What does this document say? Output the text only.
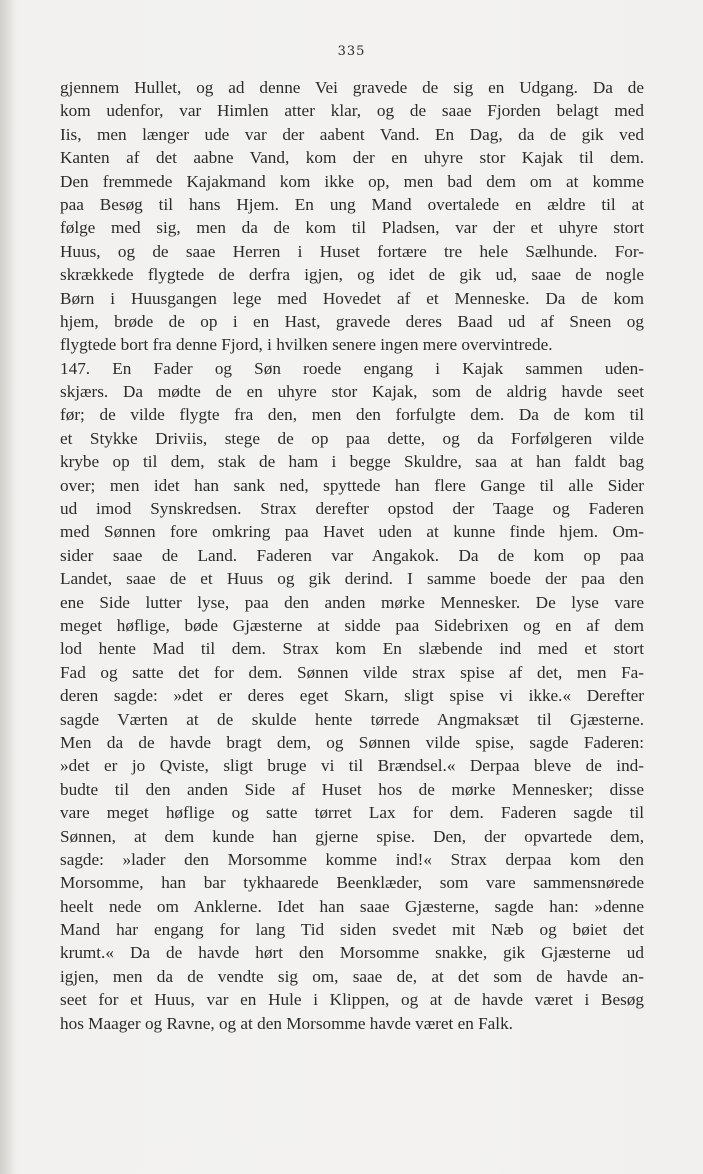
335
gjennem Hullet, og ad denne Vei gravede de sig en Udgang. Da de
kom udenfor, var Himlen atter klar, og de saae Fjorden belagt med
Iis, men længer ude var der aabent Vand. En Dag, da de gik ved
Kanten af det aabne Vand, kom der en uhyre stor Kajak til dem.
Den fremmede Kajakmand kom ikke op, men bad dem om at komme
paa Besøg til hans Hjem. En ung Mand overtalede en ældre til at
følge med sig, men da de kom til Pladsen, var der et uhyre stort
Huus, og de saae Herren i Huset fortære tre hele Sælhunde. For-
skrækkede flygtede de derfra igjen, og idet de gik ud, saae de nogle
Børn i Huusgangen lege med Hovedet af et Menneske. Da de kom
hjem, brøde de op i en Hast, gravede deres Baad ud af Sneen og
flygtede bort fra denne Fjord, i hvilken senere ingen mere overvintrede.
147. En Fader og Søn roede engang i Kajak sammen uden-
skjærs. Da mødte de en uhyre stor Kajak, som de aldrig havde seet
før; de vilde flygte fra den, men den forfulgte dem. Da de kom til
et Stykke Driviis, stege de op paa dette, og da Forfølgeren vilde
krybe op til dem, stak de ham i begge Skuldre, saa at han faldt bag
over; men idet han sank ned, spyttede han flere Gange til alle Sider
ud imod Synskredsen. Strax derefter opstod der Taage og Faderen
med Sønnen fore omkring paa Havet uden at kunne finde hjem. Om-
sider saae de Land. Faderen var Angakok. Da de kom op paa
Landet, saae de et Huus og gik derind. I samme boede der paa den
ene Side lutter lyse, paa den anden mørke Mennesker. De lyse vare
meget høflige, bøde Gjæsterne at sidde paa Sidebrixen og en af dem
lod hente Mad til dem. Strax kom En slæbende ind med et stort
Fad og satte det for dem. Sønnen vilde strax spise af det, men Fa-
deren sagde: »det er deres eget Skarn, sligt spise vi ikke.« Derefter
sagde Værten at de skulde hente tørrede Angmaksæt til Gjæsterne.
Men da de havde bragt dem, og Sønnen vilde spise, sagde Faderen:
»det er jo Qviste, sligt bruge vi til Brændsel.« Derpaa bleve de ind-
budte til den anden Side af Huset hos de mørke Mennesker; disse
vare meget høflige og satte tørret Lax for dem. Faderen sagde til
Sønnen, at dem kunde han gjerne spise. Den, der opvartede dem,
sagde: »lader den Morsomme komme ind!« Strax derpaa kom den
Morsomme, han bar tykhaarede Beenklæder, som vare sammensnørede
heelt nede om Anklerne. Idet han saae Gjæsterne, sagde han: »denne
Mand har engang for lang Tid siden svedet mit Næb og bøiet det
krumt.« Da de havde hørt den Morsomme snakke, gik Gjæsterne ud
igjen, men da de vendte sig om, saae de, at det som de havde an-
seet for et Huus, var en Hule i Klippen, og at de havde været i Besøg
hos Maager og Ravne, og at den Morsomme havde været en Falk.
